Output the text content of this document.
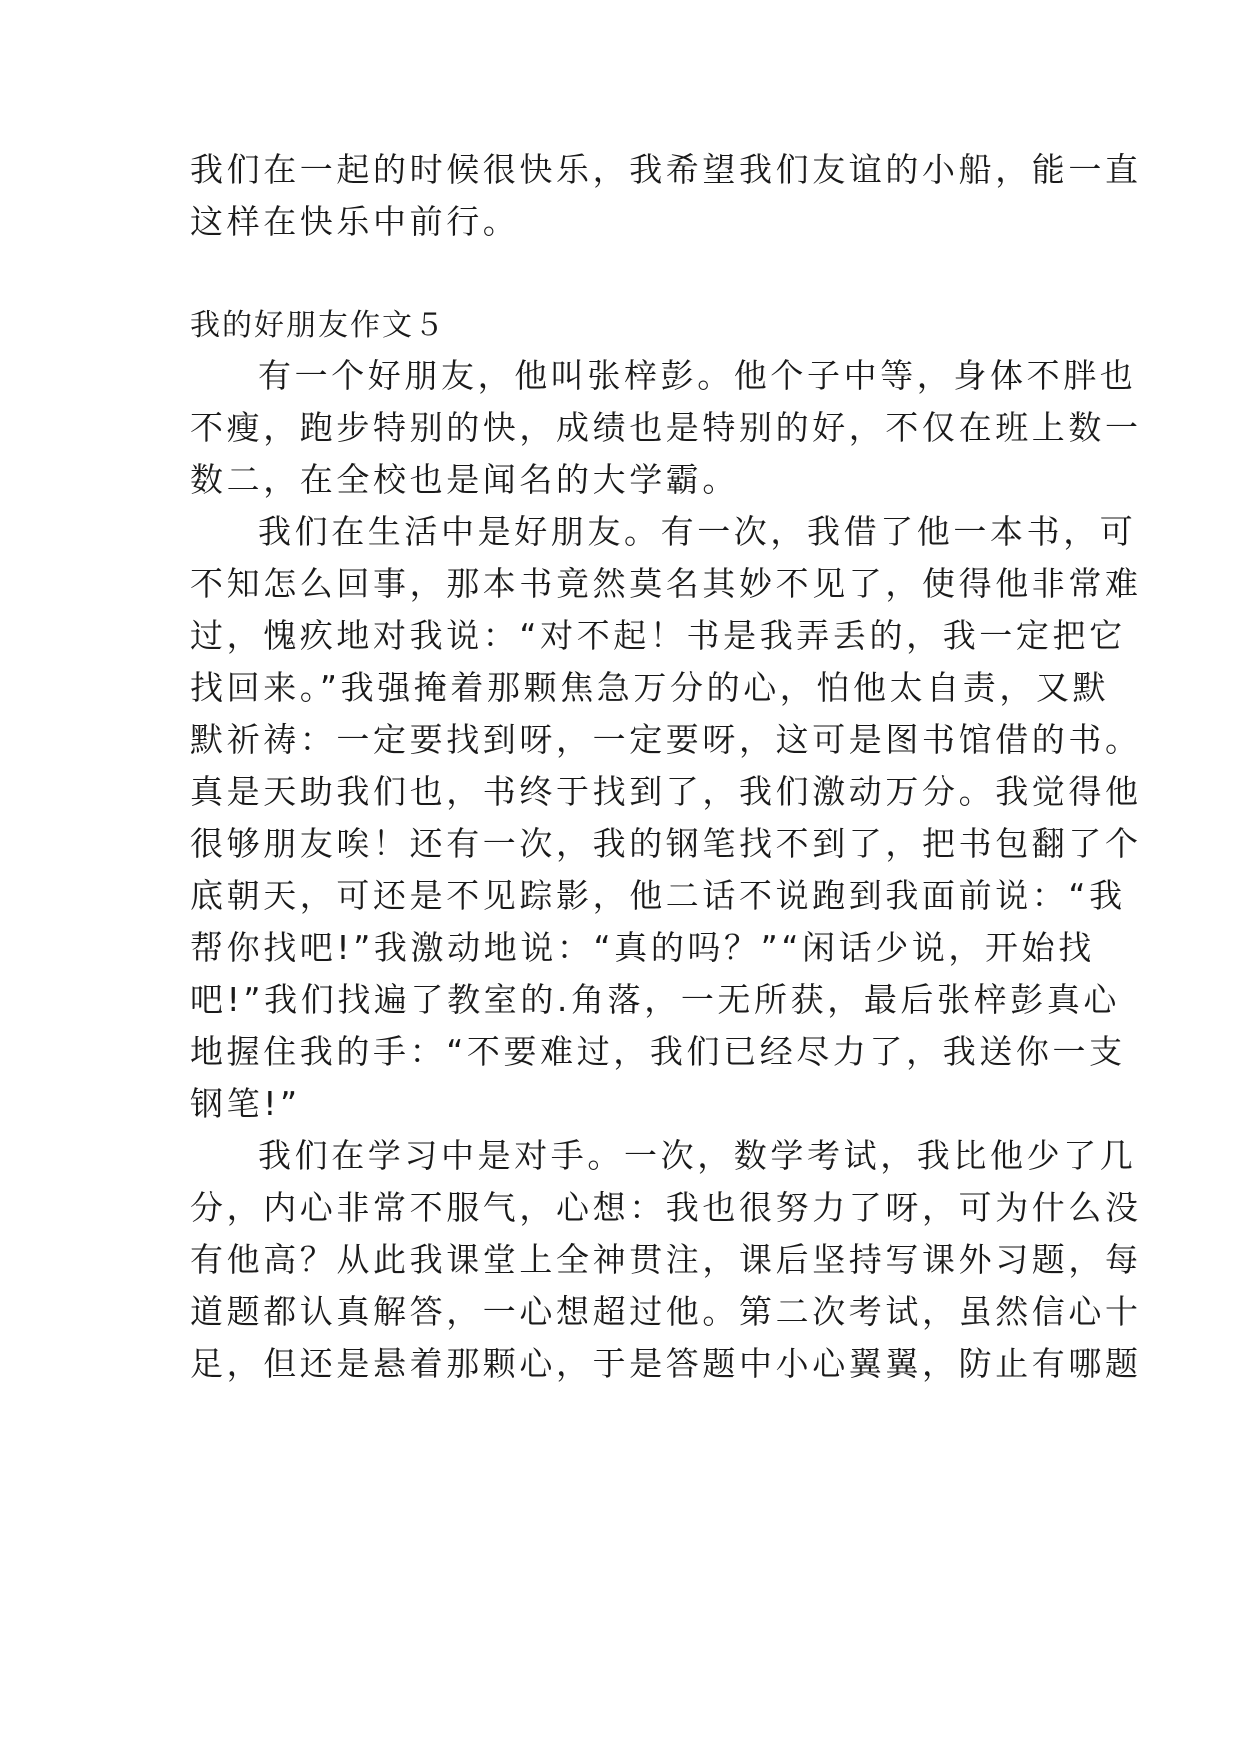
我们在一起的时候很快乐，我希望我们友谊的小船，能一直
这样在快乐中前行。
我的好朋友作文５
有一个好朋友，他叫张梓彭。他个子中等，身体不胖也
不瘦，跑步特别的快，成绩也是特别的好，不仅在班上数一
数二，在全校也是闻名的大学霸。
我们在生活中是好朋友。有一次，我借了他一本书，可
不知怎么回事，那本书竟然莫名其妙不见了，使得他非常难
过，愧疚地对我说：“对不起！书是我弄丢的，我一定把它
找回来。”我强掩着那颗焦急万分的心，怕他太自责，又默
默祈祷：一定要找到呀，一定要呀，这可是图书馆借的书。
真是天助我们也，书终于找到了，我们激动万分。我觉得他
很够朋友唉！还有一次，我的钢笔找不到了，把书包翻了个
底朝天，可还是不见踪影，他二话不说跑到我面前说：“我
帮你找吧!”我激动地说：“真的吗？”“闲话少说，开始找
吧!”我们找遍了教室的.角落，一无所获，最后张梓彭真心
地握住我的手：“不要难过，我们已经尽力了，我送你一支
钢笔!”
我们在学习中是对手。一次，数学考试，我比他少了几
分，内心非常不服气，心想：我也很努力了呀，可为什么没
有他高？从此我课堂上全神贯注，课后坚持写课外习题，每
道题都认真解答，一心想超过他。第二次考试，虽然信心十
足，但还是悬着那颗心，于是答题中小心翼翼，防止有哪题
